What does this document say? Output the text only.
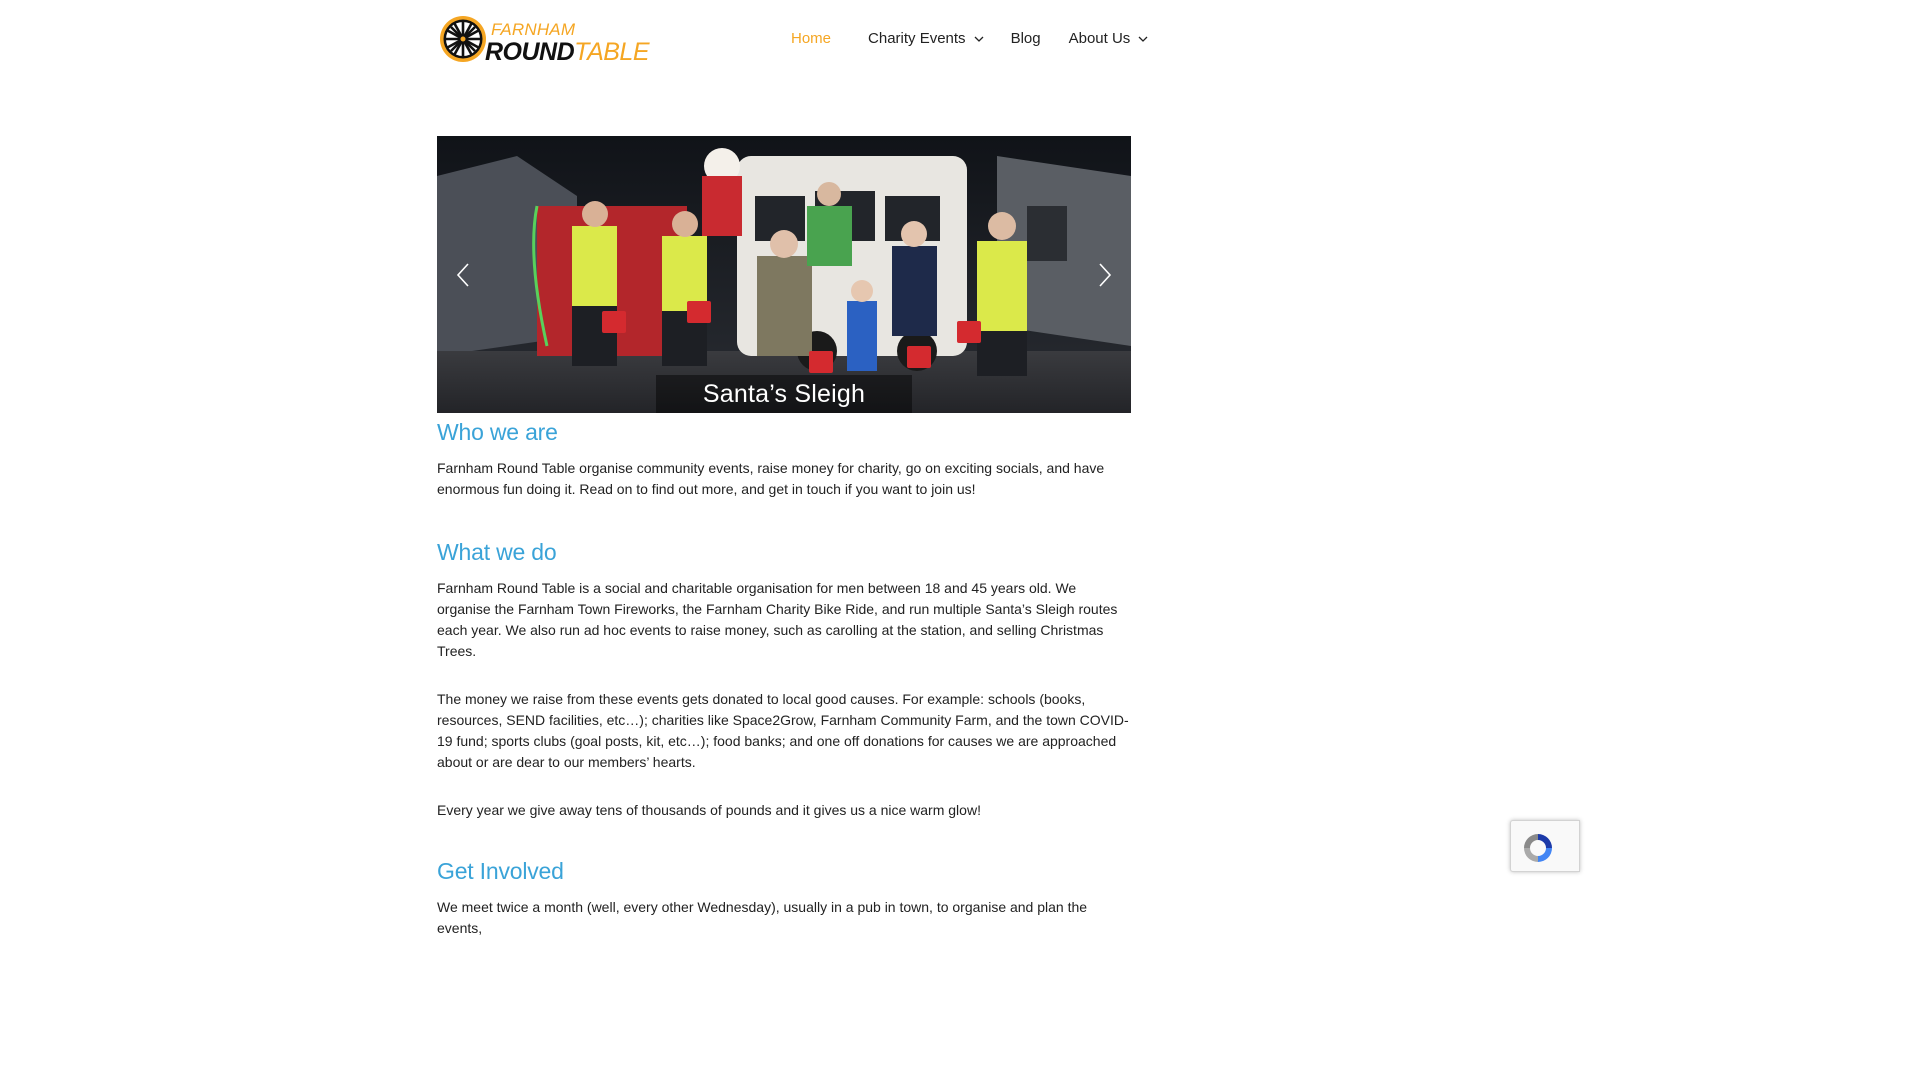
FARNHAM
ROUNDTABLE	Home Charity Events	Blog About Us
Santa’s Sleigh
Who we are

Farnham Round Table organise community events, raise money for charity, go on exciting socials, and have enormous fun doing it. Read on to find out more, and get in touch if you want to join us!

What we do

Farnham Round Table is a social and charitable organisation for men between 18 and 45 years old. We organise the Farnham Town Fireworks, the Farnham Charity Bike Ride, and run multiple Santa’s Sleigh routes each year. We also run ad hoc events to raise money, such as carolling at the station, and selling Christmas Trees.

The money we raise from these events gets donated to local good causes. For example: schools (books, resources, SEND facilities, etc…); charities like Space2Grow, Farnham Community Farm, and the town COVID-19 fund; sports clubs (goal posts, kit, etc…); food banks; and one off donations for causes we are approached about or are dear to our members’ hearts.

Every year we give away tens of thousands of pounds and it gives us a nice warm glow!

Get Involved

We meet twice a month (well, every other Wednesday), usually in a pub in town, to organise and plan the events,
